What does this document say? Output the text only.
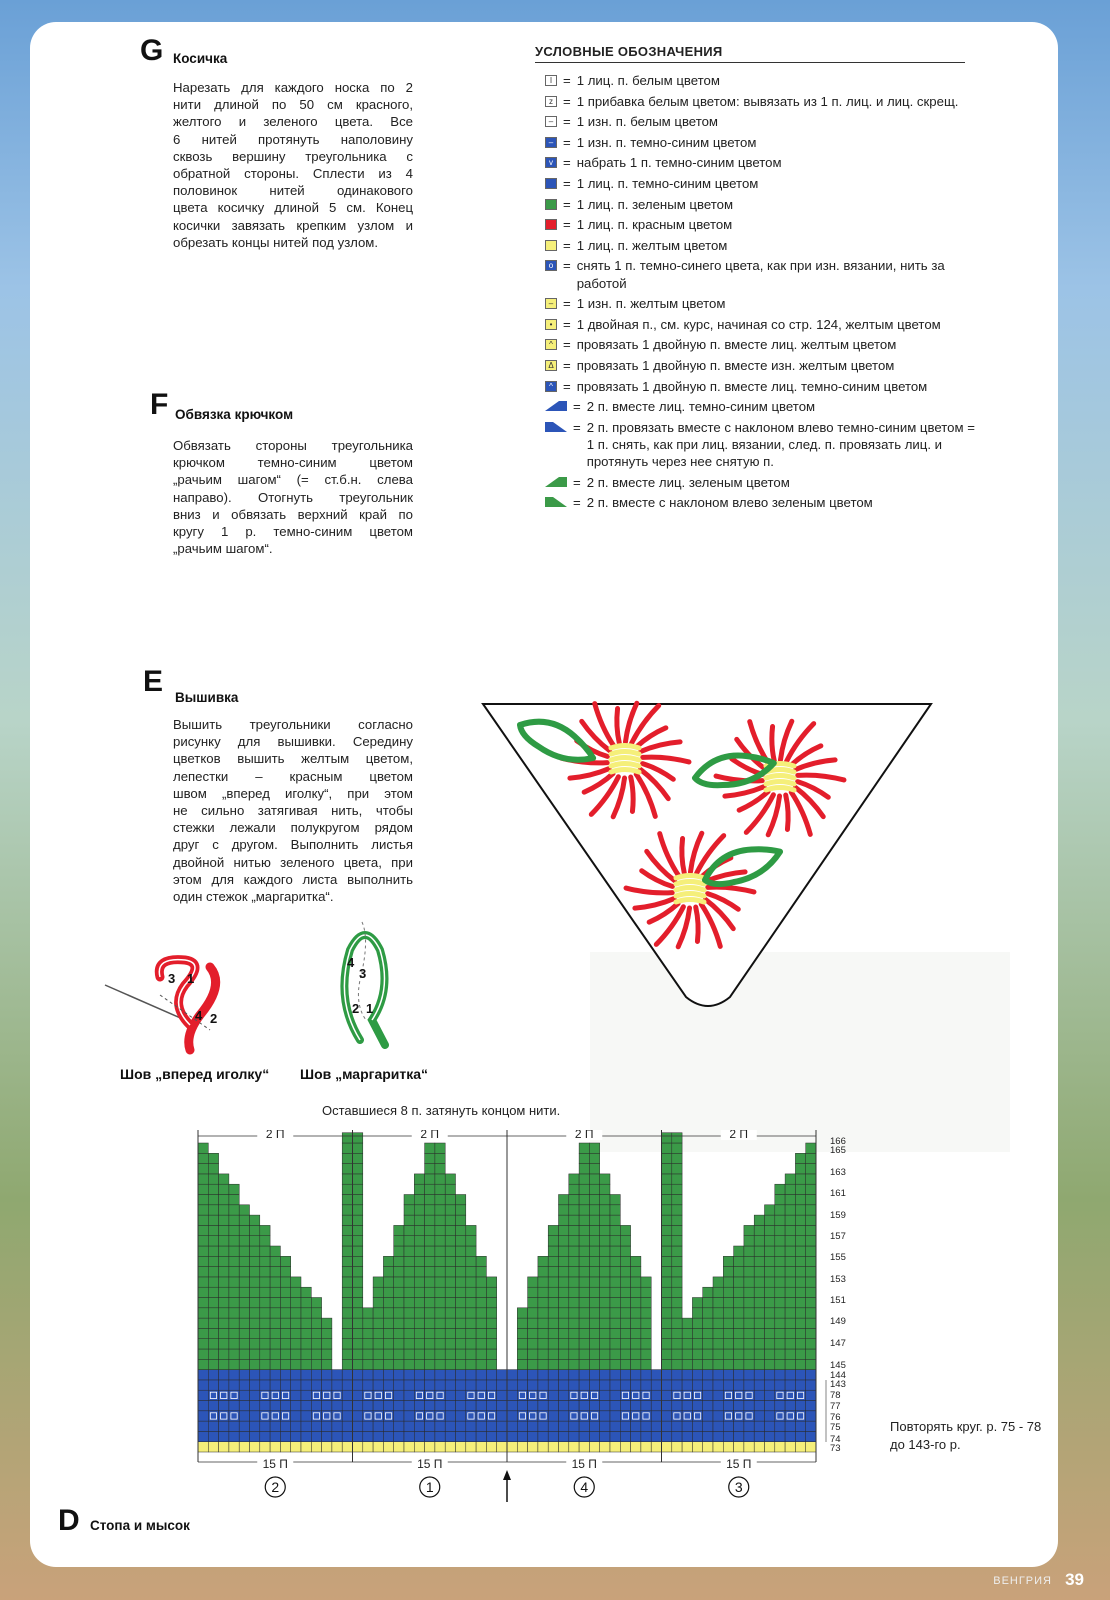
G Косичка
Нарезать для каждого носка по 2
нити длиной по 50 см красного,
желтого и зеленого цвета. Все
6 нитей протянуть наполовину
сквозь вершину треугольника с
обратной стороны. Сплести из 4
половинок нитей одинакового
цвета косичку длиной 5 см. Конец
косички завязать крепким узлом и
обрезать концы нитей под узлом.
F Обвязка крючком
Обвязать стороны треугольника
крючком темно-синим цветом
„рачьим шагом“ (= ст.б.н. слева
направо). Отогнуть треугольник
вниз и обвязать верхний край по
кругу 1 р. темно-синим цветом
„рачьим шагом“.
E Вышивка
Вышить треугольники согласно
рисунку для вышивки. Середину
цветков вышить желтым цветом,
лепестки – красным цветом
швом „вперед иголку“, при этом
не сильно затягивая нить, чтобы
стежки лежали полукругом рядом
друг с другом. Выполнить листья
двойной нитью зеленого цвета, при
этом для каждого листа выполнить
один стежок „маргаритка“.
D Стопа и мысок
УСЛОВНЫЕ ОБОЗНАЧЕНИЯ
l = 1 лиц. п. белым цветом
z = 1 прибавка белым цветом: вывязать из 1 п. лиц. и лиц. скрещ.
– = 1 изн. п. белым цветом
– = 1 изн. п. темно-синим цветом
v = набрать 1 п. темно-синим цветом
= 1 лиц. п. темно-синим цветом
= 1 лиц. п. зеленым цветом
= 1 лиц. п. красным цветом
= 1 лиц. п. желтым цветом
o = снять 1 п. темно-синего цвета, как при изн. вязании, нить за работой
– = 1 изн. п. желтым цветом
• = 1 двойная п., см. курс, начиная со стр. 124, желтым цветом
^ = провязать 1 двойную п. вместе лиц. желтым цветом
Δ = провязать 1 двойную п. вместе изн. желтым цветом
^ = провязать 1 двойную п. вместе лиц. темно-синим цветом
= 2 п. вместе лиц. темно-синим цветом
= 2 п. провязать вместе с наклоном влево темно-синим цветом = 1 п. снять, как при лиц. вязании, след. п. провязать лиц. и протянуть через нее снятую п.
= 2 п. вместе лиц. зеленым цветом
= 2 п. вместе с наклоном влево зеленым цветом
3 1
4 2
4
3
2 1
Шов „вперед иголку“ Шов „маргаритка“
Оставшиеся 8 п. затянуть концом нити.
2 П
15 П
2
2 П
15 П
1
2 П
15 П
4
2 П
15 П
3
166
165
163
161
159
157
155
153
151
149
147
145
144
143
78
77
76
75
74
73
Повторять круг. р. 75 - 78 до 143-го р.
ВЕНГРИЯ 39
